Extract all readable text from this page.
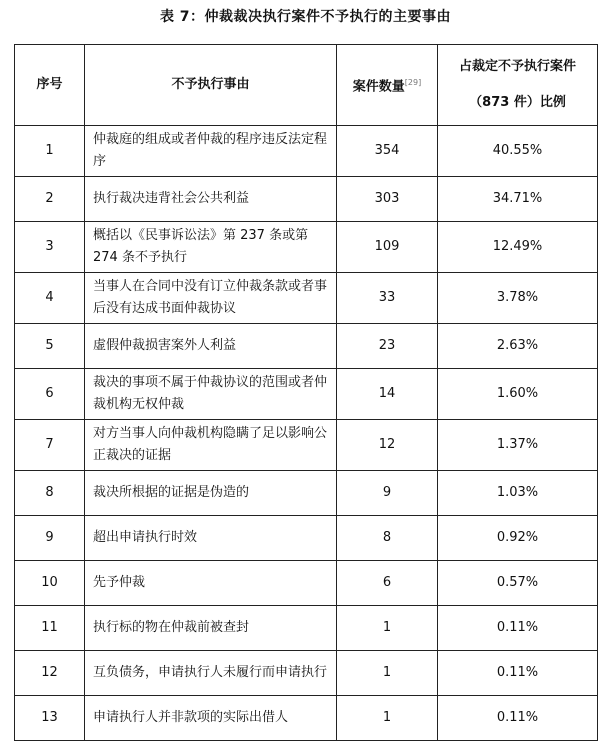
表 7：仲裁裁决执行案件不予执行的主要事由
序号	不予执行事由	案件数量[29]	占裁定不予执行案件
（873 件）比例

1	仲裁庭的组成或者仲裁的程序违反法定程序	354	40.55%
2	执行裁决违背社会公共利益	303	34.71%
3	概括以《民事诉讼法》第 237 条或第 274 条不予执行	109	12.49%
4	当事人在合同中没有订立仲裁条款或者事后没有达成书面仲裁协议	33	3.78%
5	虚假仲裁损害案外人利益	23	2.63%
6	裁决的事项不属于仲裁协议的范围或者仲裁机构无权仲裁	14	1.60%
7	对方当事人向仲裁机构隐瞒了足以影响公正裁决的证据	12	1.37%
8	裁决所根据的证据是伪造的	9	1.03%
9	超出申请执行时效	8	0.92%
10	先予仲裁	6	0.57%
11	执行标的物在仲裁前被查封	1	0.11%
12	互负债务，申请执行人未履行而申请执行	1	0.11%
13	申请执行人并非款项的实际出借人	1	0.11%
